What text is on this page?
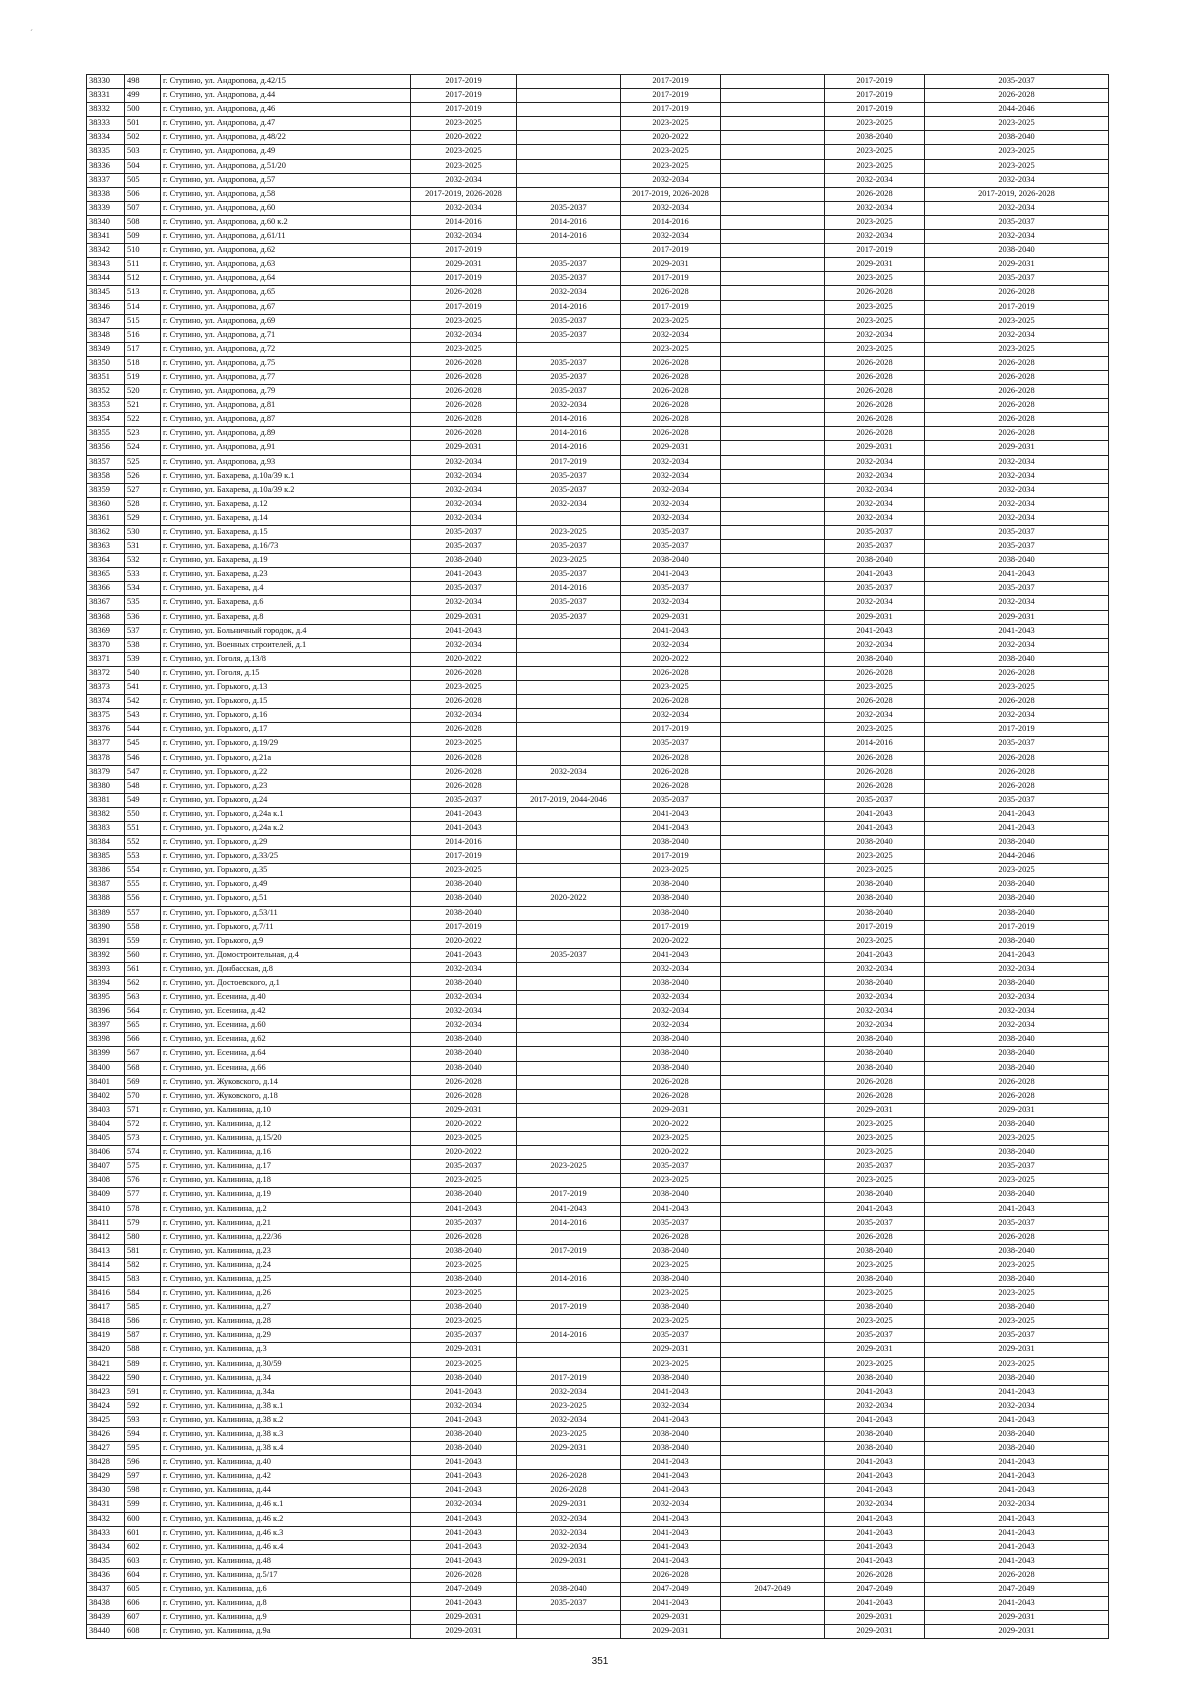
´
38330	498	г. Ступино, ул. Андропова, д.42/15	2017-2019		2017-2019		2017-2019	2035-2037
38331	499	г. Ступино, ул. Андропова, д.44	2017-2019		2017-2019		2017-2019	2026-2028
38332	500	г. Ступино, ул. Андропова, д.46	2017-2019		2017-2019		2017-2019	2044-2046
38333	501	г. Ступино, ул. Андропова, д.47	2023-2025		2023-2025		2023-2025	2023-2025
38334	502	г. Ступино, ул. Андропова, д.48/22	2020-2022		2020-2022		2038-2040	2038-2040
38335	503	г. Ступино, ул. Андропова, д.49	2023-2025		2023-2025		2023-2025	2023-2025
38336	504	г. Ступино, ул. Андропова, д.51/20	2023-2025		2023-2025		2023-2025	2023-2025
38337	505	г. Ступино, ул. Андропова, д.57	2032-2034		2032-2034		2032-2034	2032-2034
38338	506	г. Ступино, ул. Андропова, д.58	2017-2019, 2026-2028		2017-2019, 2026-2028		2026-2028	2017-2019, 2026-2028
38339	507	г. Ступино, ул. Андропова, д.60	2032-2034	2035-2037	2032-2034		2032-2034	2032-2034
38340	508	г. Ступино, ул. Андропова, д.60 к.2	2014-2016	2014-2016	2014-2016		2023-2025	2035-2037
38341	509	г. Ступино, ул. Андропова, д.61/11	2032-2034	2014-2016	2032-2034		2032-2034	2032-2034
38342	510	г. Ступино, ул. Андропова, д.62	2017-2019		2017-2019		2017-2019	2038-2040
38343	511	г. Ступино, ул. Андропова, д.63	2029-2031	2035-2037	2029-2031		2029-2031	2029-2031
38344	512	г. Ступино, ул. Андропова, д.64	2017-2019	2035-2037	2017-2019		2023-2025	2035-2037
38345	513	г. Ступино, ул. Андропова, д.65	2026-2028	2032-2034	2026-2028		2026-2028	2026-2028
38346	514	г. Ступино, ул. Андропова, д.67	2017-2019	2014-2016	2017-2019		2023-2025	2017-2019
38347	515	г. Ступино, ул. Андропова, д.69	2023-2025	2035-2037	2023-2025		2023-2025	2023-2025
38348	516	г. Ступино, ул. Андропова, д.71	2032-2034	2035-2037	2032-2034		2032-2034	2032-2034
38349	517	г. Ступино, ул. Андропова, д.72	2023-2025		2023-2025		2023-2025	2023-2025
38350	518	г. Ступино, ул. Андропова, д.75	2026-2028	2035-2037	2026-2028		2026-2028	2026-2028
38351	519	г. Ступино, ул. Андропова, д.77	2026-2028	2035-2037	2026-2028		2026-2028	2026-2028
38352	520	г. Ступино, ул. Андропова, д.79	2026-2028	2035-2037	2026-2028		2026-2028	2026-2028
38353	521	г. Ступино, ул. Андропова, д.81	2026-2028	2032-2034	2026-2028		2026-2028	2026-2028
38354	522	г. Ступино, ул. Андропова, д.87	2026-2028	2014-2016	2026-2028		2026-2028	2026-2028
38355	523	г. Ступино, ул. Андропова, д.89	2026-2028	2014-2016	2026-2028		2026-2028	2026-2028
38356	524	г. Ступино, ул. Андропова, д.91	2029-2031	2014-2016	2029-2031		2029-2031	2029-2031
38357	525	г. Ступино, ул. Андропова, д.93	2032-2034	2017-2019	2032-2034		2032-2034	2032-2034
38358	526	г. Ступино, ул. Бахарева, д.10а/39 к.1	2032-2034	2035-2037	2032-2034		2032-2034	2032-2034
38359	527	г. Ступино, ул. Бахарева, д.10а/39 к.2	2032-2034	2035-2037	2032-2034		2032-2034	2032-2034
38360	528	г. Ступино, ул. Бахарева, д.12	2032-2034	2032-2034	2032-2034		2032-2034	2032-2034
38361	529	г. Ступино, ул. Бахарева, д.14	2032-2034		2032-2034		2032-2034	2032-2034
38362	530	г. Ступино, ул. Бахарева, д.15	2035-2037	2023-2025	2035-2037		2035-2037	2035-2037
38363	531	г. Ступино, ул. Бахарева, д.16/73	2035-2037	2035-2037	2035-2037		2035-2037	2035-2037
38364	532	г. Ступино, ул. Бахарева, д.19	2038-2040	2023-2025	2038-2040		2038-2040	2038-2040
38365	533	г. Ступино, ул. Бахарева, д.23	2041-2043	2035-2037	2041-2043		2041-2043	2041-2043
38366	534	г. Ступино, ул. Бахарева, д.4	2035-2037	2014-2016	2035-2037		2035-2037	2035-2037
38367	535	г. Ступино, ул. Бахарева, д.6	2032-2034	2035-2037	2032-2034		2032-2034	2032-2034
38368	536	г. Ступино, ул. Бахарева, д.8	2029-2031	2035-2037	2029-2031		2029-2031	2029-2031
38369	537	г. Ступино, ул. Больничный городок, д.4	2041-2043		2041-2043		2041-2043	2041-2043
38370	538	г. Ступино, ул. Военных строителей, д.1	2032-2034		2032-2034		2032-2034	2032-2034
38371	539	г. Ступино, ул. Гоголя, д.13/8	2020-2022		2020-2022		2038-2040	2038-2040
38372	540	г. Ступино, ул. Гоголя, д.15	2026-2028		2026-2028		2026-2028	2026-2028
38373	541	г. Ступино, ул. Горького, д.13	2023-2025		2023-2025		2023-2025	2023-2025
38374	542	г. Ступино, ул. Горького, д.15	2026-2028		2026-2028		2026-2028	2026-2028
38375	543	г. Ступино, ул. Горького, д.16	2032-2034		2032-2034		2032-2034	2032-2034
38376	544	г. Ступино, ул. Горького, д.17	2026-2028		2017-2019		2023-2025	2017-2019
38377	545	г. Ступино, ул. Горького, д.19/29	2023-2025		2035-2037		2014-2016	2035-2037
38378	546	г. Ступино, ул. Горького, д.21а	2026-2028		2026-2028		2026-2028	2026-2028
38379	547	г. Ступино, ул. Горького, д.22	2026-2028	2032-2034	2026-2028		2026-2028	2026-2028
38380	548	г. Ступино, ул. Горького, д.23	2026-2028		2026-2028		2026-2028	2026-2028
38381	549	г. Ступино, ул. Горького, д.24	2035-2037	2017-2019, 2044-2046	2035-2037		2035-2037	2035-2037
38382	550	г. Ступино, ул. Горького, д.24а к.1	2041-2043		2041-2043		2041-2043	2041-2043
38383	551	г. Ступино, ул. Горького, д.24а к.2	2041-2043		2041-2043		2041-2043	2041-2043
38384	552	г. Ступино, ул. Горького, д.29	2014-2016		2038-2040		2038-2040	2038-2040
38385	553	г. Ступино, ул. Горького, д.33/25	2017-2019		2017-2019		2023-2025	2044-2046
38386	554	г. Ступино, ул. Горького, д.35	2023-2025		2023-2025		2023-2025	2023-2025
38387	555	г. Ступино, ул. Горького, д.49	2038-2040		2038-2040		2038-2040	2038-2040
38388	556	г. Ступино, ул. Горького, д.51	2038-2040	2020-2022	2038-2040		2038-2040	2038-2040
38389	557	г. Ступино, ул. Горького, д.53/11	2038-2040		2038-2040		2038-2040	2038-2040
38390	558	г. Ступино, ул. Горького, д.7/11	2017-2019		2017-2019		2017-2019	2017-2019
38391	559	г. Ступино, ул. Горького, д.9	2020-2022		2020-2022		2023-2025	2038-2040
38392	560	г. Ступино, ул. Домостроительная, д.4	2041-2043	2035-2037	2041-2043		2041-2043	2041-2043
38393	561	г. Ступино, ул. Донбасская, д.8	2032-2034		2032-2034		2032-2034	2032-2034
38394	562	г. Ступино, ул. Достоевского, д.1	2038-2040		2038-2040		2038-2040	2038-2040
38395	563	г. Ступино, ул. Есенина, д.40	2032-2034		2032-2034		2032-2034	2032-2034
38396	564	г. Ступино, ул. Есенина, д.42	2032-2034		2032-2034		2032-2034	2032-2034
38397	565	г. Ступино, ул. Есенина, д.60	2032-2034		2032-2034		2032-2034	2032-2034
38398	566	г. Ступино, ул. Есенина, д.62	2038-2040		2038-2040		2038-2040	2038-2040
38399	567	г. Ступино, ул. Есенина, д.64	2038-2040		2038-2040		2038-2040	2038-2040
38400	568	г. Ступино, ул. Есенина, д.66	2038-2040		2038-2040		2038-2040	2038-2040
38401	569	г. Ступино, ул. Жуковского, д.14	2026-2028		2026-2028		2026-2028	2026-2028
38402	570	г. Ступино, ул. Жуковского, д.18	2026-2028		2026-2028		2026-2028	2026-2028
38403	571	г. Ступино, ул. Калинина, д.10	2029-2031		2029-2031		2029-2031	2029-2031
38404	572	г. Ступино, ул. Калинина, д.12	2020-2022		2020-2022		2023-2025	2038-2040
38405	573	г. Ступино, ул. Калинина, д.15/20	2023-2025		2023-2025		2023-2025	2023-2025
38406	574	г. Ступино, ул. Калинина, д.16	2020-2022		2020-2022		2023-2025	2038-2040
38407	575	г. Ступино, ул. Калинина, д.17	2035-2037	2023-2025	2035-2037		2035-2037	2035-2037
38408	576	г. Ступино, ул. Калинина, д.18	2023-2025		2023-2025		2023-2025	2023-2025
38409	577	г. Ступино, ул. Калинина, д.19	2038-2040	2017-2019	2038-2040		2038-2040	2038-2040
38410	578	г. Ступино, ул. Калинина, д.2	2041-2043	2041-2043	2041-2043		2041-2043	2041-2043
38411	579	г. Ступино, ул. Калинина, д.21	2035-2037	2014-2016	2035-2037		2035-2037	2035-2037
38412	580	г. Ступино, ул. Калинина, д.22/36	2026-2028		2026-2028		2026-2028	2026-2028
38413	581	г. Ступино, ул. Калинина, д.23	2038-2040	2017-2019	2038-2040		2038-2040	2038-2040
38414	582	г. Ступино, ул. Калинина, д.24	2023-2025		2023-2025		2023-2025	2023-2025
38415	583	г. Ступино, ул. Калинина, д.25	2038-2040	2014-2016	2038-2040		2038-2040	2038-2040
38416	584	г. Ступино, ул. Калинина, д.26	2023-2025		2023-2025		2023-2025	2023-2025
38417	585	г. Ступино, ул. Калинина, д.27	2038-2040	2017-2019	2038-2040		2038-2040	2038-2040
38418	586	г. Ступино, ул. Калинина, д.28	2023-2025		2023-2025		2023-2025	2023-2025
38419	587	г. Ступино, ул. Калинина, д.29	2035-2037	2014-2016	2035-2037		2035-2037	2035-2037
38420	588	г. Ступино, ул. Калинина, д.3	2029-2031		2029-2031		2029-2031	2029-2031
38421	589	г. Ступино, ул. Калинина, д.30/59	2023-2025		2023-2025		2023-2025	2023-2025
38422	590	г. Ступино, ул. Калинина, д.34	2038-2040	2017-2019	2038-2040		2038-2040	2038-2040
38423	591	г. Ступино, ул. Калинина, д.34а	2041-2043	2032-2034	2041-2043		2041-2043	2041-2043
38424	592	г. Ступино, ул. Калинина, д.38 к.1	2032-2034	2023-2025	2032-2034		2032-2034	2032-2034
38425	593	г. Ступино, ул. Калинина, д.38 к.2	2041-2043	2032-2034	2041-2043		2041-2043	2041-2043
38426	594	г. Ступино, ул. Калинина, д.38 к.3	2038-2040	2023-2025	2038-2040		2038-2040	2038-2040
38427	595	г. Ступино, ул. Калинина, д.38 к.4	2038-2040	2029-2031	2038-2040		2038-2040	2038-2040
38428	596	г. Ступино, ул. Калинина, д.40	2041-2043		2041-2043		2041-2043	2041-2043
38429	597	г. Ступино, ул. Калинина, д.42	2041-2043	2026-2028	2041-2043		2041-2043	2041-2043
38430	598	г. Ступино, ул. Калинина, д.44	2041-2043	2026-2028	2041-2043		2041-2043	2041-2043
38431	599	г. Ступино, ул. Калинина, д.46 к.1	2032-2034	2029-2031	2032-2034		2032-2034	2032-2034
38432	600	г. Ступино, ул. Калинина, д.46 к.2	2041-2043	2032-2034	2041-2043		2041-2043	2041-2043
38433	601	г. Ступино, ул. Калинина, д.46 к.3	2041-2043	2032-2034	2041-2043		2041-2043	2041-2043
38434	602	г. Ступино, ул. Калинина, д.46 к.4	2041-2043	2032-2034	2041-2043		2041-2043	2041-2043
38435	603	г. Ступино, ул. Калинина, д.48	2041-2043	2029-2031	2041-2043		2041-2043	2041-2043
38436	604	г. Ступино, ул. Калинина, д.5/17	2026-2028		2026-2028		2026-2028	2026-2028
38437	605	г. Ступино, ул. Калинина, д.6	2047-2049	2038-2040	2047-2049	2047-2049	2047-2049	2047-2049
38438	606	г. Ступино, ул. Калинина, д.8	2041-2043	2035-2037	2041-2043		2041-2043	2041-2043
38439	607	г. Ступино, ул. Калинина, д.9	2029-2031		2029-2031		2029-2031	2029-2031
38440	608	г. Ступино, ул. Калинина, д.9а	2029-2031		2029-2031		2029-2031	2029-2031
351
